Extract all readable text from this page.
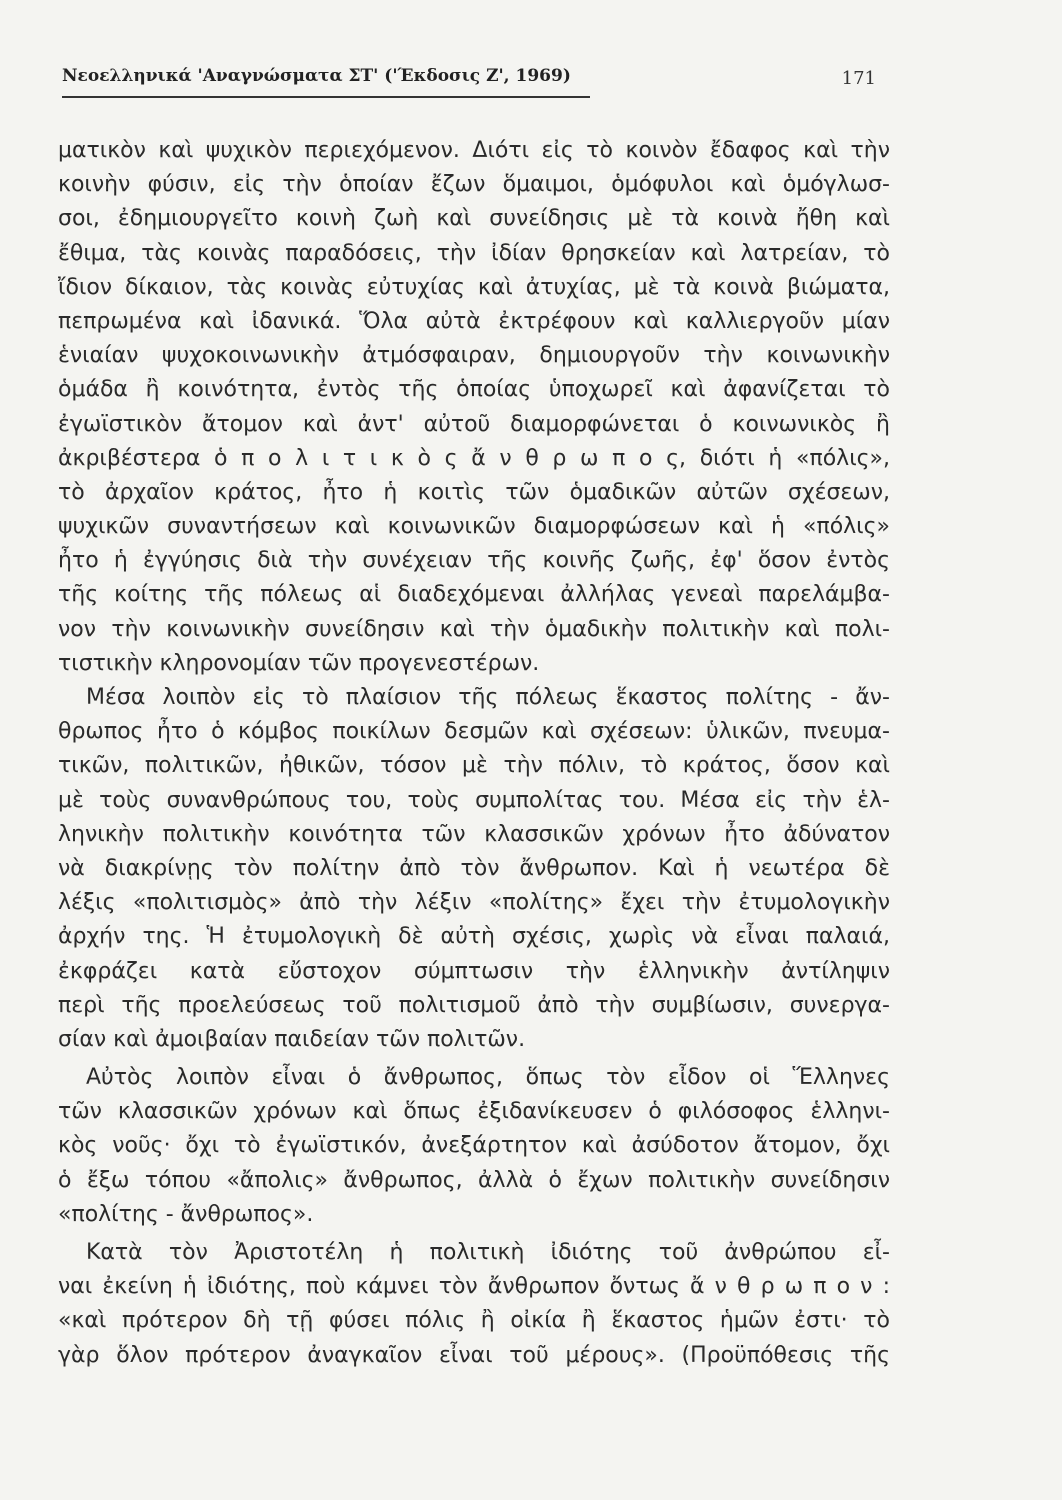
Νεοελληνικά 'Αναγνώσματα ΣΤ' ('Έκδοσις Ζ', 1969)	171
ματικὸν καὶ ψυχικὸν περιεχόμενον. Διότι εἰς τὸ κοινὸν ἔδαφος καὶ τὴν
κοινὴν φύσιν, εἰς τὴν ὁποίαν ἔζων ὅμαιμοι, ὁμόφυλοι καὶ ὁμόγλωσ-
σοι, ἐδημιουργεῖτο κοινὴ ζωὴ καὶ συνείδησις μὲ τὰ κοινὰ ἤθη καὶ
ἔθιμα, τὰς κοινὰς παραδόσεις, τὴν ἰδίαν θρησκείαν καὶ λατρείαν, τὸ
ἴδιον δίκαιον, τὰς κοινὰς εὐτυχίας καὶ ἀτυχίας, μὲ τὰ κοινὰ βιώματα,
πεπρωμένα καὶ ἰδανικά. Ὅλα αὐτὰ ἐκτρέφουν καὶ καλλιεργοῦν μίαν
ἑνιαίαν ψυχοκοινωνικὴν ἀτμόσφαιραν, δημιουργοῦν τὴν κοινωνικὴν
ὁμάδα ἢ κοινότητα, ἐντὸς τῆς ὁποίας ὑποχωρεῖ καὶ ἀφανίζεται τὸ
ἐγωϊστικὸν ἄτομον καὶ ἀντ' αὐτοῦ διαμορφώνεται ὁ κοινωνικὸς ἢ
ἀκριβέστερα ὁ π ο λ ι τ ι κ ὸ ς ἄ ν θ ρ ω π ο ς, διότι ἡ «πόλις»,
τὸ ἀρχαῖον κράτος, ἦτο ἡ κοιτὶς τῶν ὁμαδικῶν αὐτῶν σχέσεων,
ψυχικῶν συναντήσεων καὶ κοινωνικῶν διαμορφώσεων καὶ ἡ «πόλις»
ἦτο ἡ ἐγγύησις διὰ τὴν συνέχειαν τῆς κοινῆς ζωῆς, ἐφ' ὅσον ἐντὸς
τῆς κοίτης τῆς πόλεως αἱ διαδεχόμεναι ἀλλήλας γενεαὶ παρελάμβα-
νον τὴν κοινωνικὴν συνείδησιν καὶ τὴν ὁμαδικὴν πολιτικὴν καὶ πολι-
τιστικὴν κληρονομίαν τῶν προγενεστέρων.
Μέσα λοιπὸν εἰς τὸ πλαίσιον τῆς πόλεως ἕκαστος πολίτης - ἄν-
θρωπος ἦτο ὁ κόμβος ποικίλων δεσμῶν καὶ σχέσεων: ὑλικῶν, πνευμα-
τικῶν, πολιτικῶν, ἠθικῶν, τόσον μὲ τὴν πόλιν, τὸ κράτος, ὅσον καὶ
μὲ τοὺς συνανθρώπους του, τοὺς συμπολίτας του. Μέσα εἰς τὴν ἑλ-
ληνικὴν πολιτικὴν κοινότητα τῶν κλασσικῶν χρόνων ἦτο ἀδύνατον
νὰ διακρίνῃς τὸν πολίτην ἀπὸ τὸν ἄνθρωπον. Καὶ ἡ νεωτέρα δὲ
λέξις «πολιτισμὸς» ἀπὸ τὴν λέξιν «πολίτης» ἔχει τὴν ἐτυμολογικὴν
ἀρχήν της. Ἡ ἐτυμολογικὴ δὲ αὐτὴ σχέσις, χωρὶς νὰ εἶναι παλαιά,
ἐκφράζει κατὰ εὔστοχον σύμπτωσιν τὴν ἑλληνικὴν ἀντίληψιν
περὶ τῆς προελεύσεως τοῦ πολιτισμοῦ ἀπὸ τὴν συμβίωσιν, συνεργα-
σίαν καὶ ἀμοιβαίαν παιδείαν τῶν πολιτῶν.
Αὐτὸς λοιπὸν εἶναι ὁ ἄνθρωπος, ὅπως τὸν εἶδον οἱ Ἕλληνες
τῶν κλασσικῶν χρόνων καὶ ὅπως ἐξιδανίκευσεν ὁ φιλόσοφος ἑλληνι-
κὸς νοῦς· ὄχι τὸ ἐγωϊστικόν, ἀνεξάρτητον καὶ ἀσύδοτον ἄτομον, ὄχι
ὁ ἔξω τόπου «ἄπολις» ἄνθρωπος, ἀλλὰ ὁ ἔχων πολιτικὴν συνείδησιν
«πολίτης - ἄνθρωπος».
Κατὰ τὸν Ἀριστοτέλη ἡ πολιτικὴ ἰδιότης τοῦ ἀνθρώπου εἶ-
ναι ἐκείνη ἡ ἰδιότης, ποὺ κάμνει τὸν ἄνθρωπον ὄντως ἄ ν θ ρ ω π ο ν :
«καὶ πρότερον δὴ τῇ φύσει πόλις ἢ οἰκία ἢ ἕκαστος ἡμῶν ἐστι· τὸ
γὰρ ὅλον πρότερον ἀναγκαῖον εἶναι τοῦ μέρους». (Προϋπόθεσις τῆς
